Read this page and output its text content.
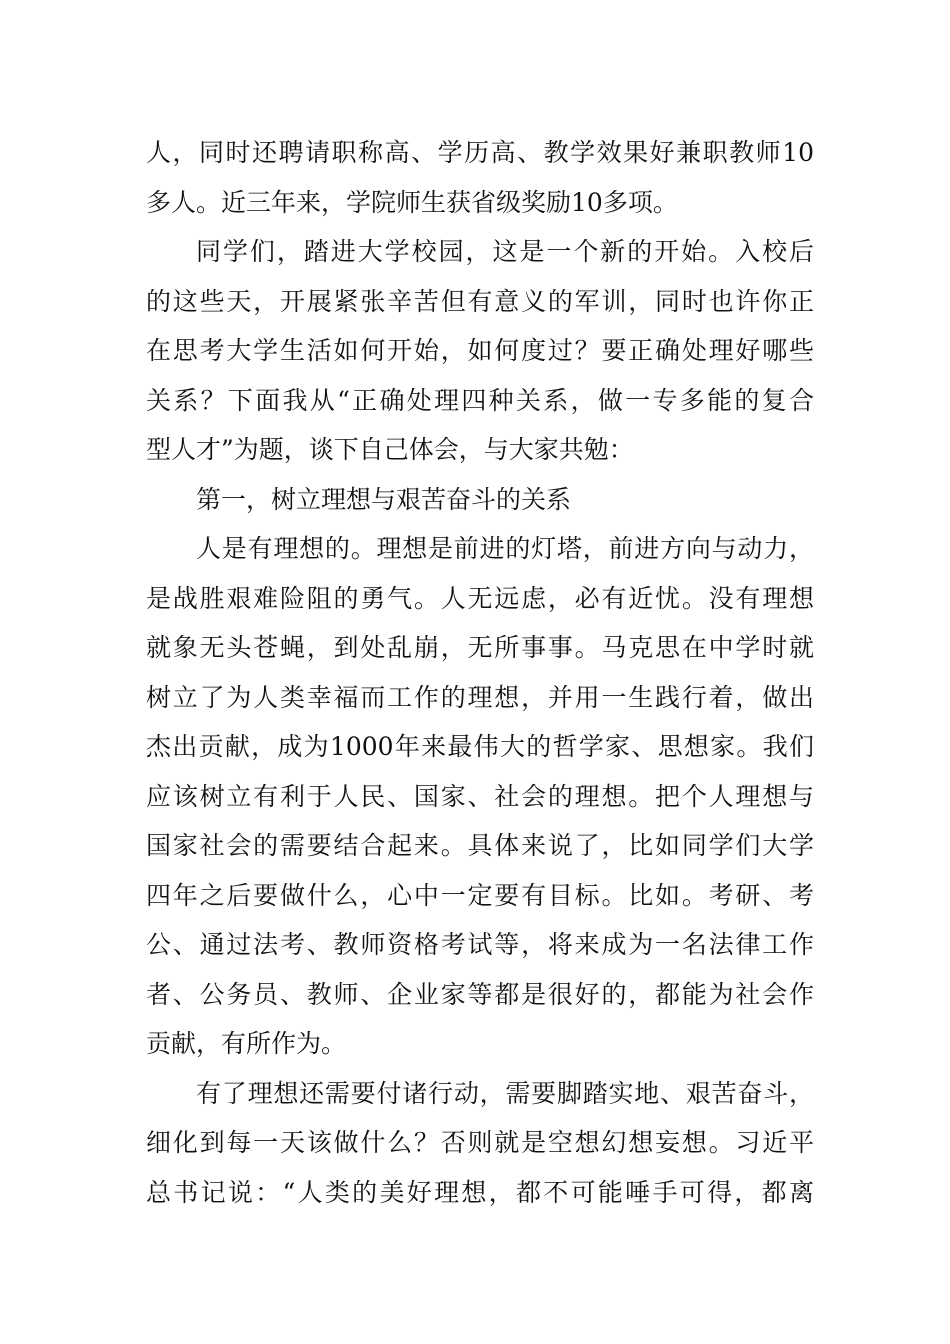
人，同时还聘请职称高、学历高、教学效果好兼职教师10
多人。近三年来，学院师生获省级奖励10多项。
同学们，踏进大学校园，这是一个新的开始。入校后
的这些天，开展紧张辛苦但有意义的军训，同时也许你正
在思考大学生活如何开始，如何度过？要正确处理好哪些
关系？下面我从“正确处理四种关系，做一专多能的复合
型人才”为题，谈下自己体会，与大家共勉：
第一，树立理想与艰苦奋斗的关系
人是有理想的。理想是前进的灯塔，前进方向与动力，
是战胜艰难险阻的勇气。人无远虑，必有近忧。没有理想
就象无头苍蝇，到处乱崩，无所事事。马克思在中学时就
树立了为人类幸福而工作的理想，并用一生践行着，做出
杰出贡献，成为1000年来最伟大的哲学家、思想家。我们
应该树立有利于人民、国家、社会的理想。把个人理想与
国家社会的需要结合起来。具体来说了，比如同学们大学
四年之后要做什么，心中一定要有目标。比如。考研、考
公、通过法考、教师资格考试等，将来成为一名法律工作
者、公务员、教师、企业家等都是很好的，都能为社会作
贡献，有所作为。
有了理想还需要付诸行动，需要脚踏实地、艰苦奋斗，
细化到每一天该做什么？否则就是空想幻想妄想。习近平
总书记说：“人类的美好理想，都不可能唾手可得，都离
